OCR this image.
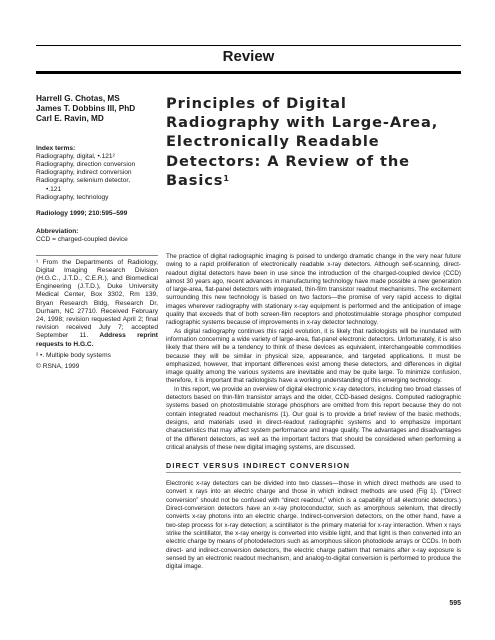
Review
Harrell G. Chotas, MS
James T. Dobbins III, PhD
Carl E. Ravin, MD
Index terms:
Radiography, digital, •.121²
Radiography, direction conversion
Radiography, indirect conversion
Radiography, selenium detector,
•.121
Radiography, technology
Radiology 1999; 210:595–599
Abbreviation:
CCD = charged-coupled device
¹ From the Departments of Radiology, Digital Imaging Research Division (H.G.C., J.T.D., C.E.R.), and Biomedical Engineering (J.T.D.), Duke University Medical Center, Box 3302, Rm 139, Bryan Research Bldg, Research Dr, Durham, NC 27710. Received February 24, 1998; revision requested April 2; final revision received July 7; accepted September 11. Address reprint requests to H.G.C.
² •. Multiple body systems
© RSNA, 1999
Principles of Digital Radiography with Large-Area, Electronically Readable Detectors: A Review of the Basics$^1$

The practice of digital radiographic imaging is poised to undergo dramatic change in the very near future owing to a rapid proliferation of electronically readable x-ray detectors. Although self-scanning, direct-readout digital detectors have been in use since the introduction of the charged-coupled device (CCD) almost 30 years ago, recent advances in manufacturing technology have made possible a new generation of large-area, flat-panel detectors with integrated, thin-film transistor readout mechanisms. The excitement surrounding this new technology is based on two factors—the promise of very rapid access to digital images wherever radiography with stationary x-ray equipment is performed and the anticipation of image quality that exceeds that of both screen-film receptors and photostimulable storage phosphor computed radiographic systems because of improvements in x-ray detector technology.

As digital radiography continues this rapid evolution, it is likely that radiologists will be inundated with information concerning a wide variety of large-area, flat-panel electronic detectors. Unfortunately, it is also likely that there will be a tendency to think of these devices as equivalent, interchangeable commodities because they will be similar in physical size, appearance, and targeted applications. It must be emphasized, however, that important differences exist among these detectors, and differences in digital image quality among the various systems are inevitable and may be quite large. To minimize confusion, therefore, it is important that radiologists have a working understanding of this emerging technology.

In this report, we provide an overview of digital electronic x-ray detectors, including two broad classes of detectors based on thin-film transistor arrays and the older, CCD-based designs. Computed radiographic systems based on photostimulable storage phosphors are omitted from this report because they do not contain integrated readout mechanisms (1). Our goal is to provide a brief review of the basic methods, designs, and materials used in direct-readout radiographic systems and to emphasize important characteristics that may affect system performance and image quality. The advantages and disadvantages of the different detectors, as well as the important factors that should be considered when performing a critical analysis of these new digital imaging systems, are discussed.

DIRECT VERSUS INDIRECT CONVERSION

Electronic x-ray detectors can be divided into two classes—those in which direct methods are used to convert x rays into an electric charge and those in which indirect methods are used (Fig 1). (“Direct conversion” should not be confused with “direct readout,” which is a capability of all electronic detectors.) Direct-conversion detectors have an x-ray photoconductor, such as amorphous selenium, that directly converts x-ray photons into an electric charge. Indirect-conversion detectors, on the other hand, have a two-step process for x-ray detection; a scintillator is the primary material for x-ray interaction. When x rays strike the scintillator, the x-ray energy is converted into visible light, and that light is then converted into an electric charge by means of photodetectors such as amorphous silicon photodiode arrays or CCDs. In both direct- and indirect-conversion detectors, the electric charge pattern that remains after x-ray exposure is sensed by an electronic readout mechanism, and analog-to-digital conversion is performed to produce the digital image.

595
